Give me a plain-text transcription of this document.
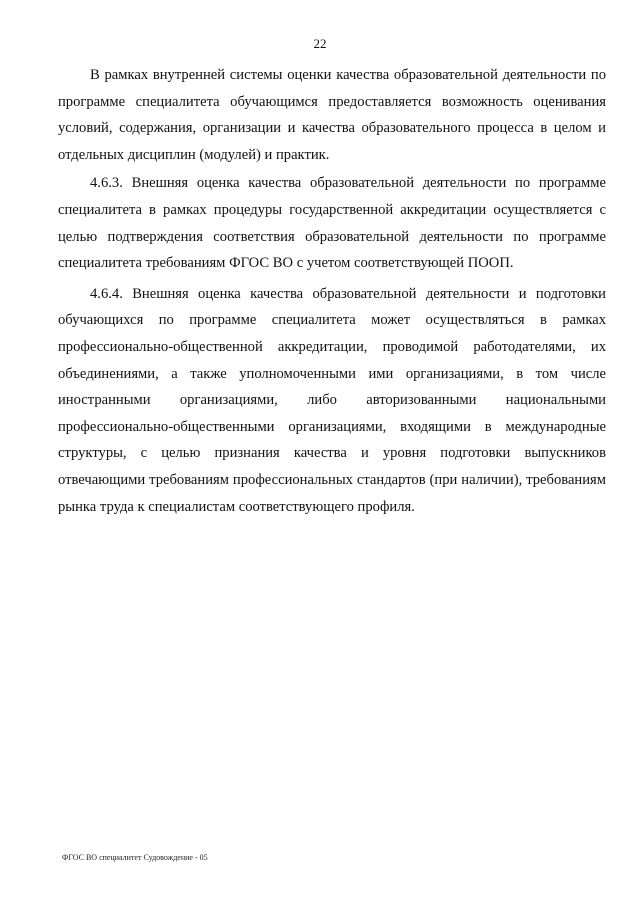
22

В рамках внутренней системы оценки качества образовательной деятельности по программе специалитета обучающимся предоставляется возможность оценивания условий, содержания, организации и качества образовательного процесса в целом и отдельных дисциплин (модулей) и практик.

4.6.3. Внешняя оценка качества образовательной деятельности по программе специалитета в рамках процедуры государственной аккредитации осуществляется с целью подтверждения соответствия образовательной деятельности по программе специалитета требованиям ФГОС ВО с учетом соответствующей ПООП.

4.6.4. Внешняя оценка качества образовательной деятельности и подготовки обучающихся по программе специалитета может осуществляться в рамках профессионально-общественной аккредитации, проводимой работодателями, их объединениями, а также уполномоченными ими организациями, в том числе иностранными организациями, либо авторизованными национальными профессионально-общественными организациями, входящими в международные структуры, с целью признания качества и уровня подготовки выпускников отвечающими требованиям профессиональных стандартов (при наличии), требованиям рынка труда к специалистам соответствующего профиля.

ФГОС ВО специалитет Судовождение - 05
